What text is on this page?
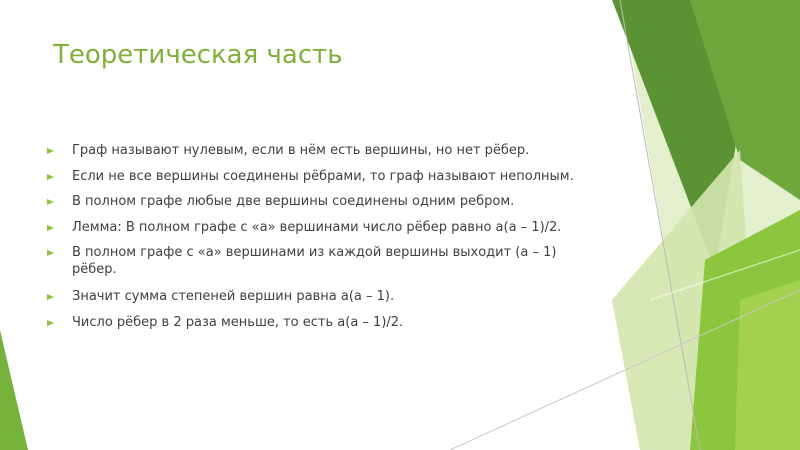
Теоретическая часть
Граф называют нулевым, если в нём есть вершины, но нет рёбер.
Если не все вершины соединены рёбрами, то граф называют неполным.
В полном графе любые две вершины соединены одним ребром.
Лемма: В полном графе с «а» вершинами число рёбер равно а(а – 1)/2.
В полном графе с «а» вершинами из каждой вершины выходит (а – 1) рёбер.
Значит сумма степеней вершин равна а(а – 1).
Число рёбер в 2 раза меньше, то есть а(а – 1)/2.
